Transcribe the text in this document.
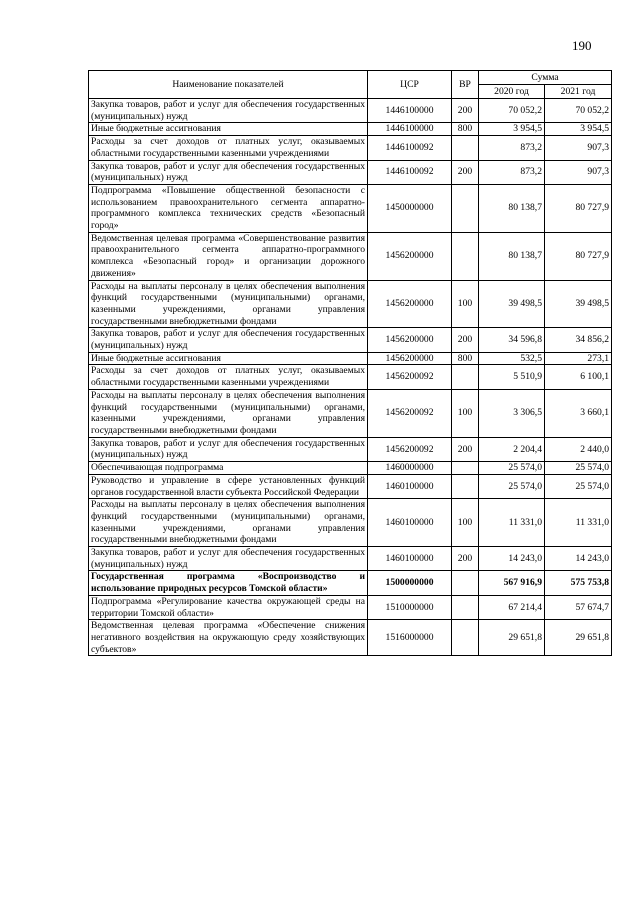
190
Наименование показателей	ЦСР	ВР	Сумма	
			2020 год	2021 год
Закупка товаров, работ и услуг для обеспечения государственных (муниципальных) нужд	1446100000	200	70 052,2	70 052,2
Иные бюджетные ассигнования	1446100000	800	3 954,5	3 954,5
Расходы за счет доходов от платных услуг, оказываемых областными государственными казенными учреждениями	1446100092		873,2	907,3
Закупка товаров, работ и услуг для обеспечения государственных (муниципальных) нужд	1446100092	200	873,2	907,3
Подпрограмма «Повышение общественной безопасности с использованием правоохранительного сегмента аппаратно-программного комплекса технических средств «Безопасный город»	1450000000		80 138,7	80 727,9
Ведомственная целевая программа «Совершенствование развития правоохранительного сегмента аппаратно-программного комплекса «Безопасный город» и организации дорожного движения»	1456200000		80 138,7	80 727,9
Расходы на выплаты персоналу в целях обеспечения выполнения функций государственными (муниципальными) органами, казенными учреждениями, органами управления государственными внебюджетными фондами	1456200000	100	39 498,5	39 498,5
Закупка товаров, работ и услуг для обеспечения государственных (муниципальных) нужд	1456200000	200	34 596,8	34 856,2
Иные бюджетные ассигнования	1456200000	800	532,5	273,1
Расходы за счет доходов от платных услуг, оказываемых областными государственными казенными учреждениями	1456200092		5 510,9	6 100,1
Расходы на выплаты персоналу в целях обеспечения выполнения функций государственными (муниципальными) органами, казенными учреждениями, органами управления государственными внебюджетными фондами	1456200092	100	3 306,5	3 660,1
Закупка товаров, работ и услуг для обеспечения государственных (муниципальных) нужд	1456200092	200	2 204,4	2 440,0
Обеспечивающая подпрограмма	1460000000		25 574,0	25 574,0
Руководство и управление в сфере установленных функций органов государственной власти субъекта Российской Федерации	1460100000		25 574,0	25 574,0
Расходы на выплаты персоналу в целях обеспечения выполнения функций государственными (муниципальными) органами, казенными учреждениями, органами управления государственными внебюджетными фондами	1460100000	100	11 331,0	11 331,0
Закупка товаров, работ и услуг для обеспечения государственных (муниципальных) нужд	1460100000	200	14 243,0	14 243,0
Государственная программа «Воспроизводство и использование природных ресурсов Томской области»	1500000000		567 916,9	575 753,8
Подпрограмма «Регулирование качества окружающей среды на территории Томской области»	1510000000		67 214,4	57 674,7
Ведомственная целевая программа «Обеспечение снижения негативного воздействия на окружающую среду хозяйствующих субъектов»	1516000000		29 651,8	29 651,8
